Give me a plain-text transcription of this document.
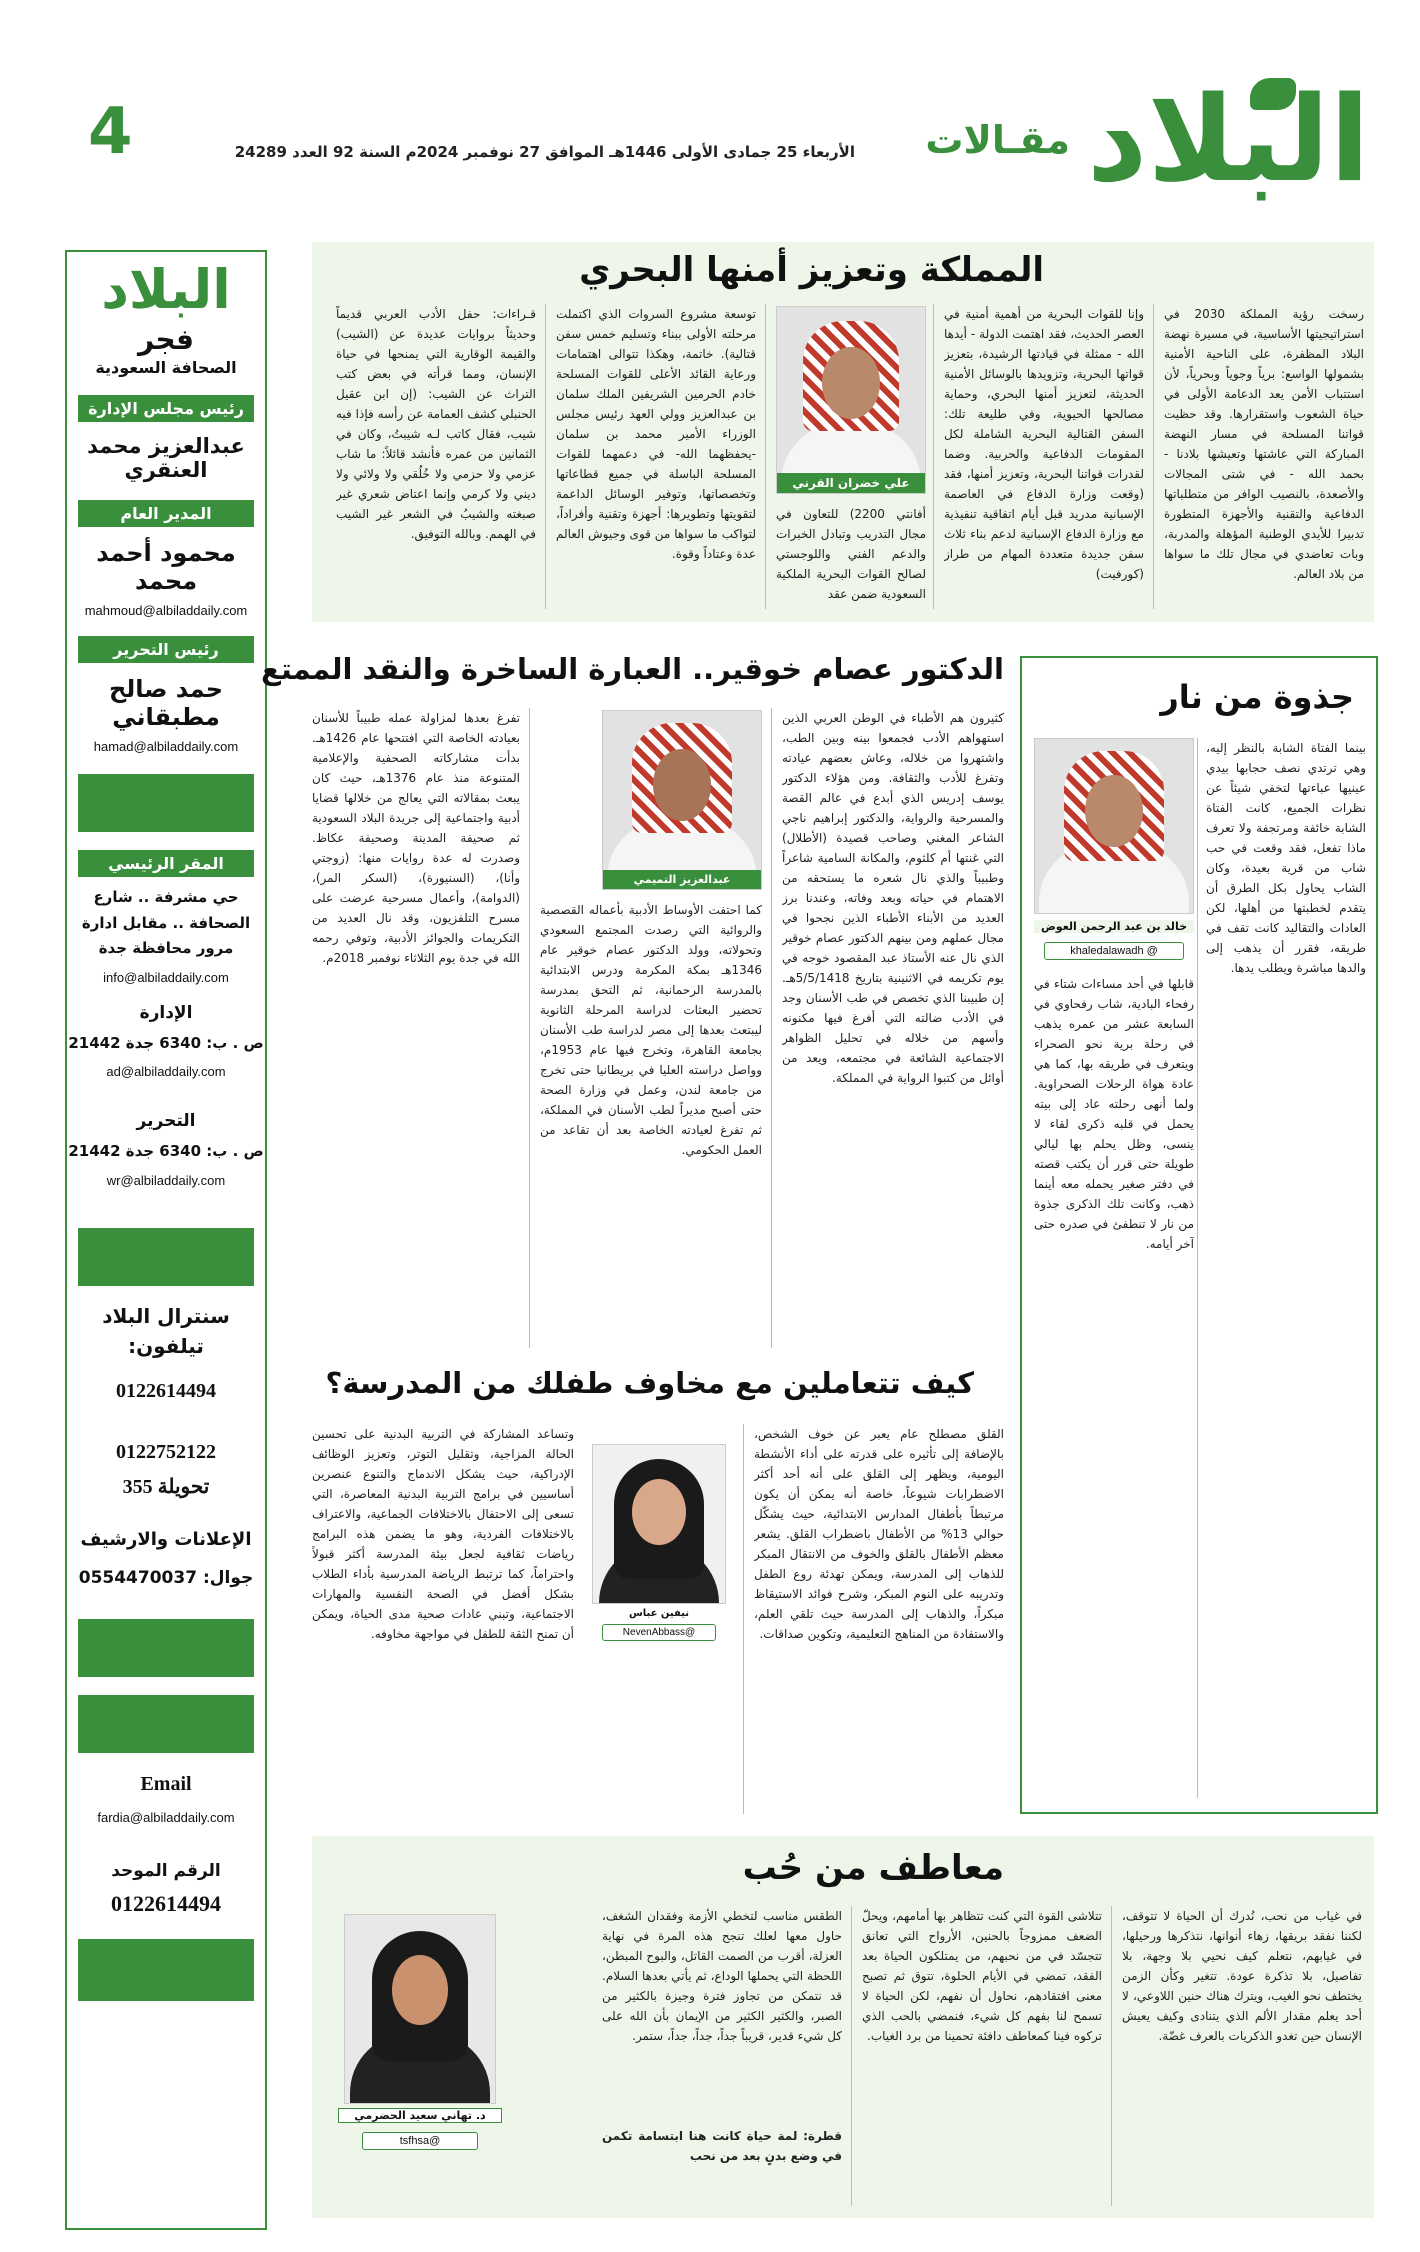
البلاد
مقـالات
الأربعاء 25 جمادى الأولى 1446هـ الموافق 27 نوفمبر 2024م السنة 92 العدد 24289
4
البلاد
فجر
الصحافة السعودية
رئيس مجلس الإدارة
عبدالعزيز محمد العنقري
المدير العام
محمود أحمد محمد
mahmoud@albiladdaily.com
رئيس التحرير
حمد صالح مطبقاني
hamad@albiladdaily.com
المقر الرئيسي
حي مشرفة .. شارع الصحافة .. مقابل ادارة مرور محافظة جدة
info@albiladdaily.com
الإدارة
ص . ب: 6340 جدة 21442
ad@albiladdaily.com
التحرير
ص . ب: 6340 جدة 21442
wr@albiladdaily.com
سنترال البلاد
تيلفون:
0122614494
0122752122
تحويلة 355
الإعلانات والارشيف
جوال: 0554470037
Email
fardia@albiladdaily.com
الرقم الموحد
0122614494
المملكة وتعزيز أمنها البحري
رسخت رؤية المملكة 2030 في استراتيجيتها الأساسية، في مسيرة نهضة البلاد المظفرة، على الناحية الأمنية بشمولها الواسع: برياً وجوياً وبحرياً، لأن استتباب الأمن يعد الدعامة الأولى في حياة الشعوب واستقرارها. وقد حظيت قواتنا المسلحة في مسار النهضة المباركة التي عاشتها وتعيشها بلادنا - بحمد الله - في شتى المجالات والأصعدة، بالنصيب الوافر من متطلباتها الدفاعية والتقنية والأجهزة المتطورة تدبيرا للأيدي الوطنية المؤهلة والمدربة، وبات تعاضدي في مجال تلك ما سواها من بلاد العالم.
وإنا للقوات البحرية من أهمية أمنية في العصر الحديث، فقد اهتمت الدولة - أيدها الله - ممثلة في قيادتها الرشيدة، بتعزيز قواتها البحرية، وتزويدها بالوسائل الأمنية الحديثة، لتعزيز أمنها البحري، وحماية مصالحها الحيوية، وفي طليعة تلك: السفن القتالية البحرية الشاملة لكل المقومات الدفاعية والحربية. وضما لقدرات قواتنا البحرية، وتعزيز أمنها، فقد (وقعت وزارة الدفاع في العاصمة الإسبانية مدريد قبل أيام اتفاقية تنفيذية مع وزارة الدفاع الإسبانية لدعم بناء ثلاث سفن جديدة متعددة المهام من طراز (كورفيت)
علي خضران القرني
أفانتي 2200) للتعاون في مجال التدريب وتبادل الخبرات والدعم الفني واللوجستي لصالح القوات البحرية الملكية السعودية ضمن عقد
توسعة مشروع السروات الذي اكتملت مرحلته الأولى ببناء وتسليم خمس سفن قتالية). خاتمة، وهكذا تتوالى اهتمامات ورعاية القائد الأعلى للقوات المسلحة خادم الحرمين الشريفين الملك سلمان بن عبدالعزيز وولي العهد رئيس مجلس الوزراء الأمير محمد بن سلمان -يحفظهما الله- في دعمهما للقوات المسلحة الباسلة في جميع قطاعاتها وتخصصاتها، وتوفير الوسائل الداعمة لتقويتها وتطويرها: أجهزة وتقنية وأفراداً، لتواكب ما سواها من قوى وجيوش العالم عدة وعتاداً وقوة.
قـراءات: حفل الأدب العربي قديماً وحديثاً بروايات عديدة عن (الشيب) والقيمة الوقارية التي يمنحها في حياة الإنسان، ومما قرأته في بعض كتب التراث عن الشيب: (إن ابن عقيل الحنبلي كشف العمامة عن رأسه فإذا فيه شيب، فقال كاتب لـه شيبتُ، وكان في الثمانين من عمره فأنشد قائلاً: ما شاب عزمي ولا حزمي ولا خُلُقي ولا ولائي ولا ديني ولا كرمي وإنما اعتاض شعري غير صبغته والشيبُ في الشعر غير الشيب في الهمم. وبالله التوفيق.
جذوة من نار
خالد بن عبد الرحمن العوض
@ khaledalawadh
بينما الفتاة الشابة بالنظر إليه، وهي ترتدي نصف حجابها بيدي عينيها عباءتها لتخفي شيئاً عن نظرات الجميع، كانت الفتاة الشابة خائفة ومرتجفة ولا تعرف ماذا تفعل، فقد وقعت في حب شاب من قرية بعيدة، وكان الشاب يحاول بكل الطرق أن يتقدم لخطبتها من أهلها، لكن العادات والتقاليد كانت تقف في طريقه، فقرر أن يذهب إلى والدها مباشرة ويطلب يدها.
قابلها في أحد مساءات شتاء في رفحاء البادية، شاب رفحاوي في السابعة عشر من عمره يذهب في رحلة برية نحو الصحراء ويتعرف في طريقه بها، كما هي عادة هواة الرحلات الصحراوية. ولما أنهى رحلته عاد إلى بيته يحمل في قلبه ذكرى لقاء لا ينسى، وظل يحلم بها ليالي طويلة حتى قرر أن يكتب قصته في دفتر صغير يحمله معه أينما ذهب، وكانت تلك الذكرى جذوة من نار لا تنطفئ في صدره حتى آخر أيامه.
الدكتور عصام خوقير.. العبارة الساخرة والنقد الممتع
كثيرون هم الأطباء في الوطن العربي الذين استهواهم الأدب فجمعوا بينه وبين الطب، واشتهروا من خلاله، وعاش بعضهم عيادته وتفرغ للأدب والثقافة. ومن هؤلاء الدكتور يوسف إدريس الذي أبدع في عالم القصة والمسرحية والرواية، والدكتور إبراهيم ناجي الشاعر المغني وصاحب قصيدة (الأطلال) التي غنتها أم كلثوم، والمكانة السامية شاعراً وطبيباً والذي نال شعره ما يستحقه من الاهتمام في حياته وبعد وفاته، وعندنا برز العديد من الأبناء الأطباء الذين نجحوا في مجال عملهم ومن بينهم الدكتور عصام خوقير الذي نال عنه الأستاذ عبد المقصود خوجه في يوم تكريمه في الاثنينية بتاريخ 5/5/1418هـ. إن طبيبنا الذي تخصص في طب الأسنان وجد في الأدب ضالته التي أفرغ فيها مكنونه وأسهم من خلاله في تحليل الظواهر الاجتماعية الشائعة في مجتمعه، ويعد من أوائل من كتبوا الرواية في المملكة.
عبدالعزيز التميمي
كما احتفت الأوساط الأدبية بأعماله القصصية والروائية التي رصدت المجتمع السعودي وتحولاته، وولد الدكتور عصام خوقير عام 1346هـ بمكة المكرمة ودرس الابتدائية بالمدرسة الرحمانية، ثم التحق بمدرسة تحضير البعثات لدراسة المرحلة الثانوية ليبتعث بعدها إلى مصر لدراسة طب الأسنان بجامعة القاهرة، وتخرج فيها عام 1953م، وواصل دراسته العليا في بريطانيا حتى تخرج من جامعة لندن، وعمل في وزارة الصحة حتى أصبح مديراً لطب الأسنان في المملكة، ثم تفرغ لعيادته الخاصة بعد أن تقاعد من العمل الحكومي.
تفرغ بعدها لمزاولة عمله طبيباً للأسنان بعيادته الخاصة التي افتتحها عام 1426هـ. بدأت مشاركاته الصحفية والإعلامية المتنوعة منذ عام 1376هـ، حيث كان يبعث بمقالاته التي يعالج من خلالها قضايا أدبية واجتماعية إلى جريدة البلاد السعودية ثم صحيفة المدينة وصحيفة عكاظ. وصدرت له عدة روايات منها: (زوجتي وأنا)، (السنيورة)، (السكر المر)، (الدوامة)، وأعمال مسرحية عرضت على مسرح التلفزيون، وقد نال العديد من التكريمات والجوائز الأدبية، وتوفي رحمه الله في جدة يوم الثلاثاء نوفمبر 2018م.
كيف تتعاملين مع مخاوف طفلك من المدرسة؟
القلق مصطلح عام يعبر عن خوف الشخص، بالإضافة إلى تأثيره على قدرته على أداء الأنشطة اليومية، ويظهر إلى القلق على أنه أحد أكثر الاضطرابات شيوعاً، خاصة أنه يمكن أن يكون مرتبطاً بأطفال المدارس الابتدائية، حيث يشكّل حوالي 13% من الأطفال باضطراب القلق. يشعر معظم الأطفال بالقلق والخوف من الانتقال المبكر للذهاب إلى المدرسة، ويمكن تهدئة روع الطفل وتدريبه على النوم المبكر، وشرح فوائد الاستيقاظ مبكراً، والذهاب إلى المدرسة حيث تلقي العلم، والاستفادة من المناهج التعليمية، وتكوين صداقات.
نيفين عباس
@NevenAbbass
وتساعد المشاركة في التربية البدنية على تحسين الحالة المزاجية، وتقليل التوتر، وتعزيز الوظائف الإدراكية، حيث يشكل الاندماج والتنوع عنصرين أساسيين في برامج التربية البدنية المعاصرة، التي تسعى إلى الاحتفال بالاختلافات الجماعية، والاعتراف بالاختلافات الفردية، وهو ما يضمن هذه البرامج رياضات ثقافية لجعل بيئة المدرسة أكثر قبولاً واحتراماً، كما ترتبط الرياضة المدرسية بأداء الطلاب بشكل أفضل في الصحة النفسية والمهارات الاجتماعية، وتبني عادات صحية مدى الحياة، ويمكن أن تمنح الثقة للطفل في مواجهة مخاوفه.
معاطف من حُب
في غياب من نحب، نُدرك أن الحياة لا تتوقف، لكننا نفقد بريقها، زهاء أنوانها، نتذكرها ورحيلها، في غيابهم، نتعلم كيف نحيي بلا وجهة، بلا تفاصيل، بلا تذكرة عودة. تتغير وكأن الزمن يختطف نحو الغيب، ويترك هناك حنين اللاوعي، لا أحد يعلم مقدار الألم الذي يتنادى وكيف يعيش الإنسان حين تغدو الذكريات بالعرف غضّة.
تتلاشى القوة التي كنت تتظاهر بها أمامهم، ويحلّ الضعف ممزوجاً بالحنين، الأرواح التي تعانق تتجسّد في من نحبهم، من يمتلكون الحياة بعد الفقد، تمضي في الأيام الحلوة، تتوق ثم تصبح معنى افتقادهم، نحاول أن نفهم، لكن الحياة لا تسمح لنا بفهم كل شيء، فنمضي بالحب الذي تركوه فينا كمعاطف دافئة تحمينا من برد الغياب.
الطقس مناسب لتخطي الأزمة وفقدان الشغف، حاول معها لعلك تنجح هذه المرة في نهاية العزلة، أقرب من الصمت القاتل، والبوح المبطن، اللحظة التي يحملها الوداع، ثم يأتي بعدها السلام. قد نتمكن من تجاوز فترة وجيزة بالكثير من الصبر، والكثير الكثير من الإيمان بأن الله على كل شيء قدير، قريباً جداً، جداً، جداً، ستمر.
قطرة: لمة حياة كانت هنا ابتسامة تكمن في وضع بدنٍ بعد من نحب
د. تهاني سعيد الحضرمي
@tsfhsa
